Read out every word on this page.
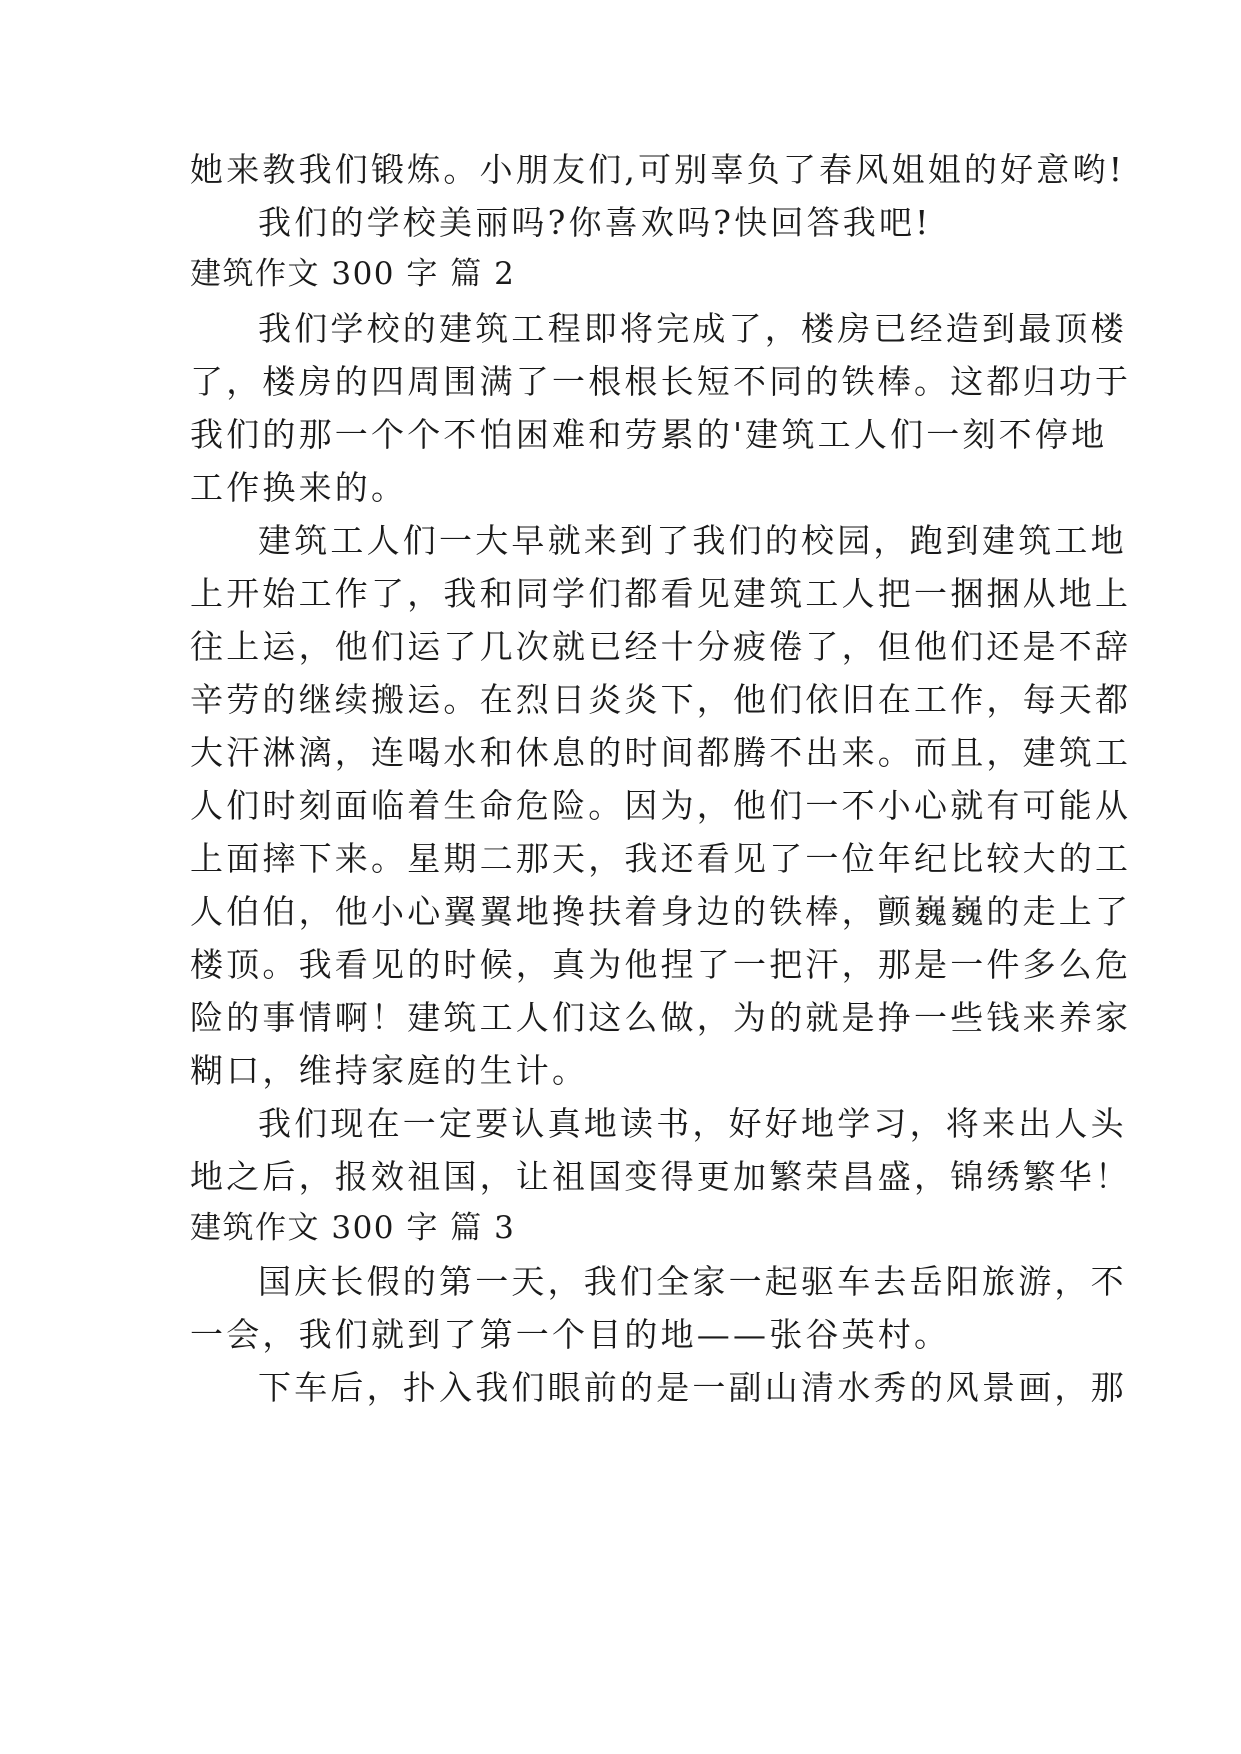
她来教我们锻炼。小朋友们,可别辜负了春风姐姐的好意哟!
我们的学校美丽吗?你喜欢吗?快回答我吧!
建筑作文 300 字 篇 2
我们学校的建筑工程即将完成了，楼房已经造到最顶楼
了，楼房的四周围满了一根根长短不同的铁棒。这都归功于
我们的那一个个不怕困难和劳累的'建筑工人们一刻不停地
工作换来的。
建筑工人们一大早就来到了我们的校园，跑到建筑工地
上开始工作了，我和同学们都看见建筑工人把一捆捆从地上
往上运，他们运了几次就已经十分疲倦了，但他们还是不辞
辛劳的继续搬运。在烈日炎炎下，他们依旧在工作，每天都
大汗淋漓，连喝水和休息的时间都腾不出来。而且，建筑工
人们时刻面临着生命危险。因为，他们一不小心就有可能从
上面摔下来。星期二那天，我还看见了一位年纪比较大的工
人伯伯，他小心翼翼地搀扶着身边的铁棒，颤巍巍的走上了
楼顶。我看见的时候，真为他捏了一把汗，那是一件多么危
险的事情啊！建筑工人们这么做，为的就是挣一些钱来养家
糊口，维持家庭的生计。
我们现在一定要认真地读书，好好地学习，将来出人头
地之后，报效祖国，让祖国变得更加繁荣昌盛，锦绣繁华！
建筑作文 300 字 篇 3
国庆长假的第一天，我们全家一起驱车去岳阳旅游，不
一会，我们就到了第一个目的地——张谷英村。
下车后，扑入我们眼前的是一副山清水秀的风景画，那
